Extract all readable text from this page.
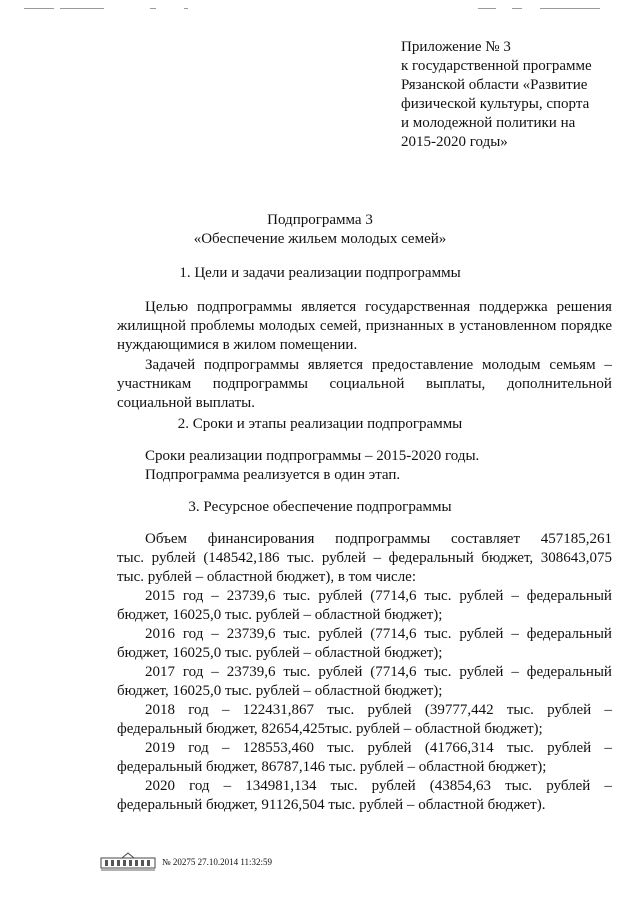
Приложение № 3
к государственной программе
Рязанской области «Развитие
физической культуры, спорта
и молодежной политики на
2015-2020 годы»
Подпрограмма 3
«Обеспечение жильем молодых семей»
1. Цели и задачи реализации подпрограммы
Целью подпрограммы является государственная поддержка решения
жилищной проблемы молодых семей, признанных в установленном порядке
нуждающимися в жилом помещении.
Задачей подпрограммы является предоставление молодым семьям –
участникам подпрограммы социальной выплаты, дополнительной
социальной выплаты.
2. Сроки и этапы реализации подпрограммы
Сроки реализации подпрограммы – 2015-2020 годы.
Подпрограмма реализуется в один этап.
3. Ресурсное обеспечение подпрограммы
Объем финансирования подпрограммы составляет 457185,261
тыс. рублей (148542,186 тыс. рублей – федеральный бюджет, 308643,075
тыс. рублей – областной бюджет), в том числе:
2015 год – 23739,6 тыс. рублей (7714,6 тыс. рублей – федеральный
бюджет, 16025,0 тыс. рублей – областной бюджет);
2016 год – 23739,6 тыс. рублей (7714,6 тыс. рублей – федеральный
бюджет, 16025,0 тыс. рублей – областной бюджет);
2017 год – 23739,6 тыс. рублей (7714,6 тыс. рублей – федеральный
бюджет, 16025,0 тыс. рублей – областной бюджет);
2018 год – 122431,867 тыс. рублей (39777,442 тыс. рублей –
федеральный бюджет, 82654,425тыс. рублей – областной бюджет);
2019 год – 128553,460 тыс. рублей (41766,314 тыс. рублей –
федеральный бюджет, 86787,146 тыс. рублей – областной бюджет);
2020 год – 134981,134 тыс. рублей (43854,63 тыс. рублей –
федеральный бюджет, 91126,504 тыс. рублей – областной бюджет).
№ 20275 27.10.2014 11:32:59
